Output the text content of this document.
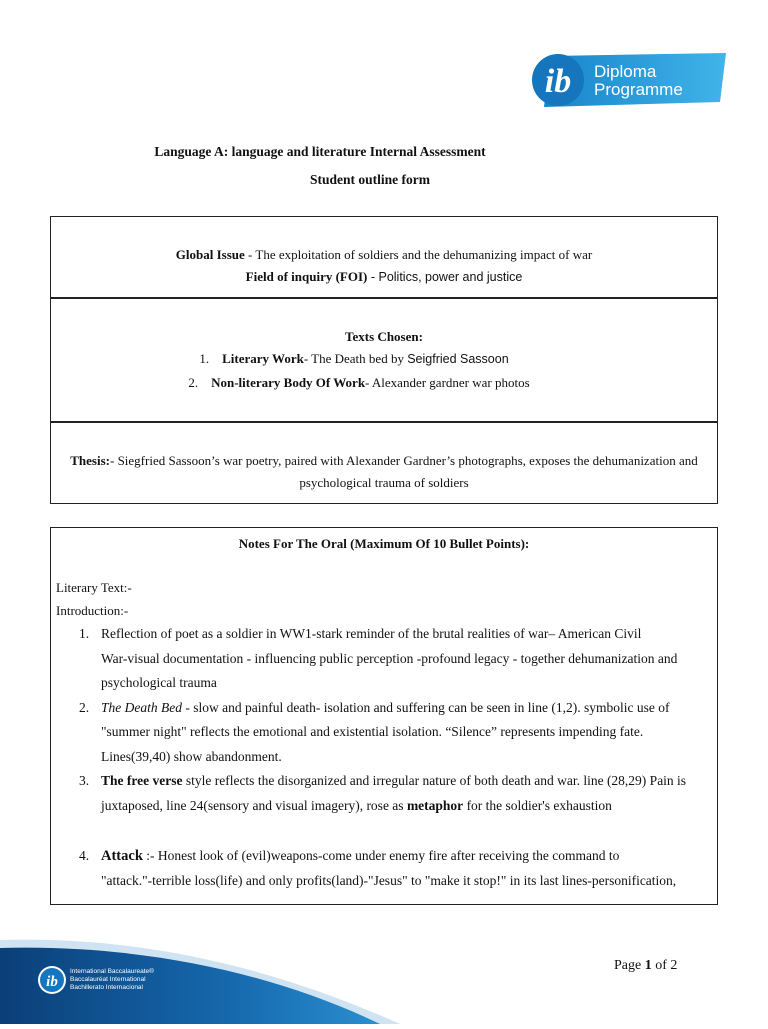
ib Diploma
Programme
Language A: language and literature Internal Assessment
Student outline form
Global Issue - The exploitation of soldiers and the dehumanizing impact of war
Field of inquiry (FOI) - Politics, power and justice
Texts Chosen:
1. Literary Work- The Death bed by Seigfried Sassoon
2. Non-literary Body Of Work- Alexander gardner war photos
Thesis:- Siegfried Sassoon’s war poetry, paired with Alexander Gardner’s photographs, exposes the dehumanization and
psychological trauma of soldiers
Notes For The Oral (Maximum Of 10 Bullet Points):
Literary Text:-
Introduction:-
1. Reflection of poet as a soldier in WW1-stark reminder of the brutal realities of war– American Civil
War-visual documentation - influencing public perception -profound legacy - together dehumanization and
psychological trauma
2. The Death Bed - slow and painful death- isolation and suffering can be seen in line (1,2). symbolic use of
"summer night" reflects the emotional and existential isolation. “Silence” represents impending fate.
Lines(39,40) show abandonment.
3. The free verse style reflects the disorganized and irregular nature of both death and war. line (28,29) Pain is
juxtaposed, line 24(sensory and visual imagery), rose as metaphor for the soldier's exhaustion
4. Attack :- Honest look of (evil)weapons-come under enemy fire after receiving the command to
"attack."-terrible loss(life) and only profits(land)-"Jesus" to "make it stop!" in its last lines-personification,
ib
International Baccalaureate®
Baccalauréat International
Bachillerato Internacional
Page 1 of 2
